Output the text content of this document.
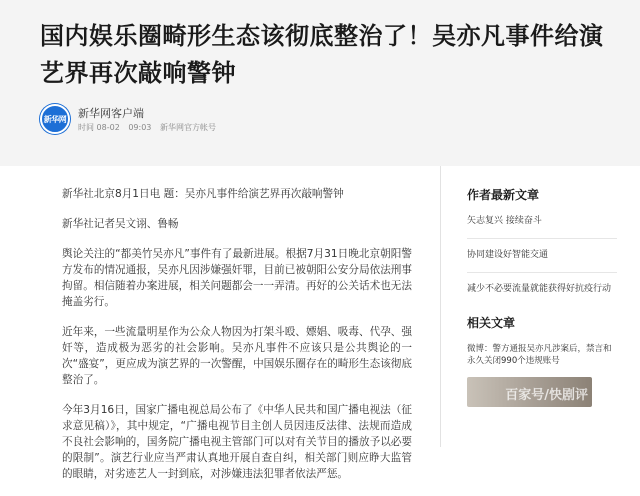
国内娱乐圈畸形生态该彻底整治了！吴亦凡事件给演艺界再次敲响警钟
新华网 新华网客户端
时间 08-02 09:03 新华网官方帐号

新华社北京8月1日电 题：吴亦凡事件给演艺界再次敲响警钟

新华社记者吴文诩、鲁畅

舆论关注的“都美竹吴亦凡”事件有了最新进展。根据7月31日晚北京朝阳警方发布的情况通报，吴亦凡因涉嫌强奸罪，目前已被朝阳公安分局依法刑事拘留。相信随着办案进展，相关问题都会一一弄清。再好的公关话术也无法掩盖劣行。

近年来，一些流量明星作为公众人物因为打架斗殴、嫖娼、吸毒、代孕、强奸等，造成极为恶劣的社会影响。吴亦凡事件不应该只是公共舆论的一次“盛宴”，更应成为演艺界的一次警醒，中国娱乐圈存在的畸形生态该彻底整治了。

今年3月16日，国家广播电视总局公布了《中华人民共和国广播电视法（征求意见稿）》，其中规定，“广播电视节目主创人员因违反法律、法规而造成不良社会影响的，国务院广播电视主管部门可以对有关节目的播放予以必要的限制”。演艺行业应当严肃认真地开展自查自纠，相关部门则应睁大监管的眼睛，对劣迹艺人一封到底，对涉嫌违法犯罪者依法严惩。

作者最新文章
矢志复兴 接续奋斗
协同建设好智能交通
减少不必要流量就能获得好抗疫行动
相关文章
微博：警方通报吴亦凡涉案后，禁言和永久关闭990个违规账号
百家号/快剧评
